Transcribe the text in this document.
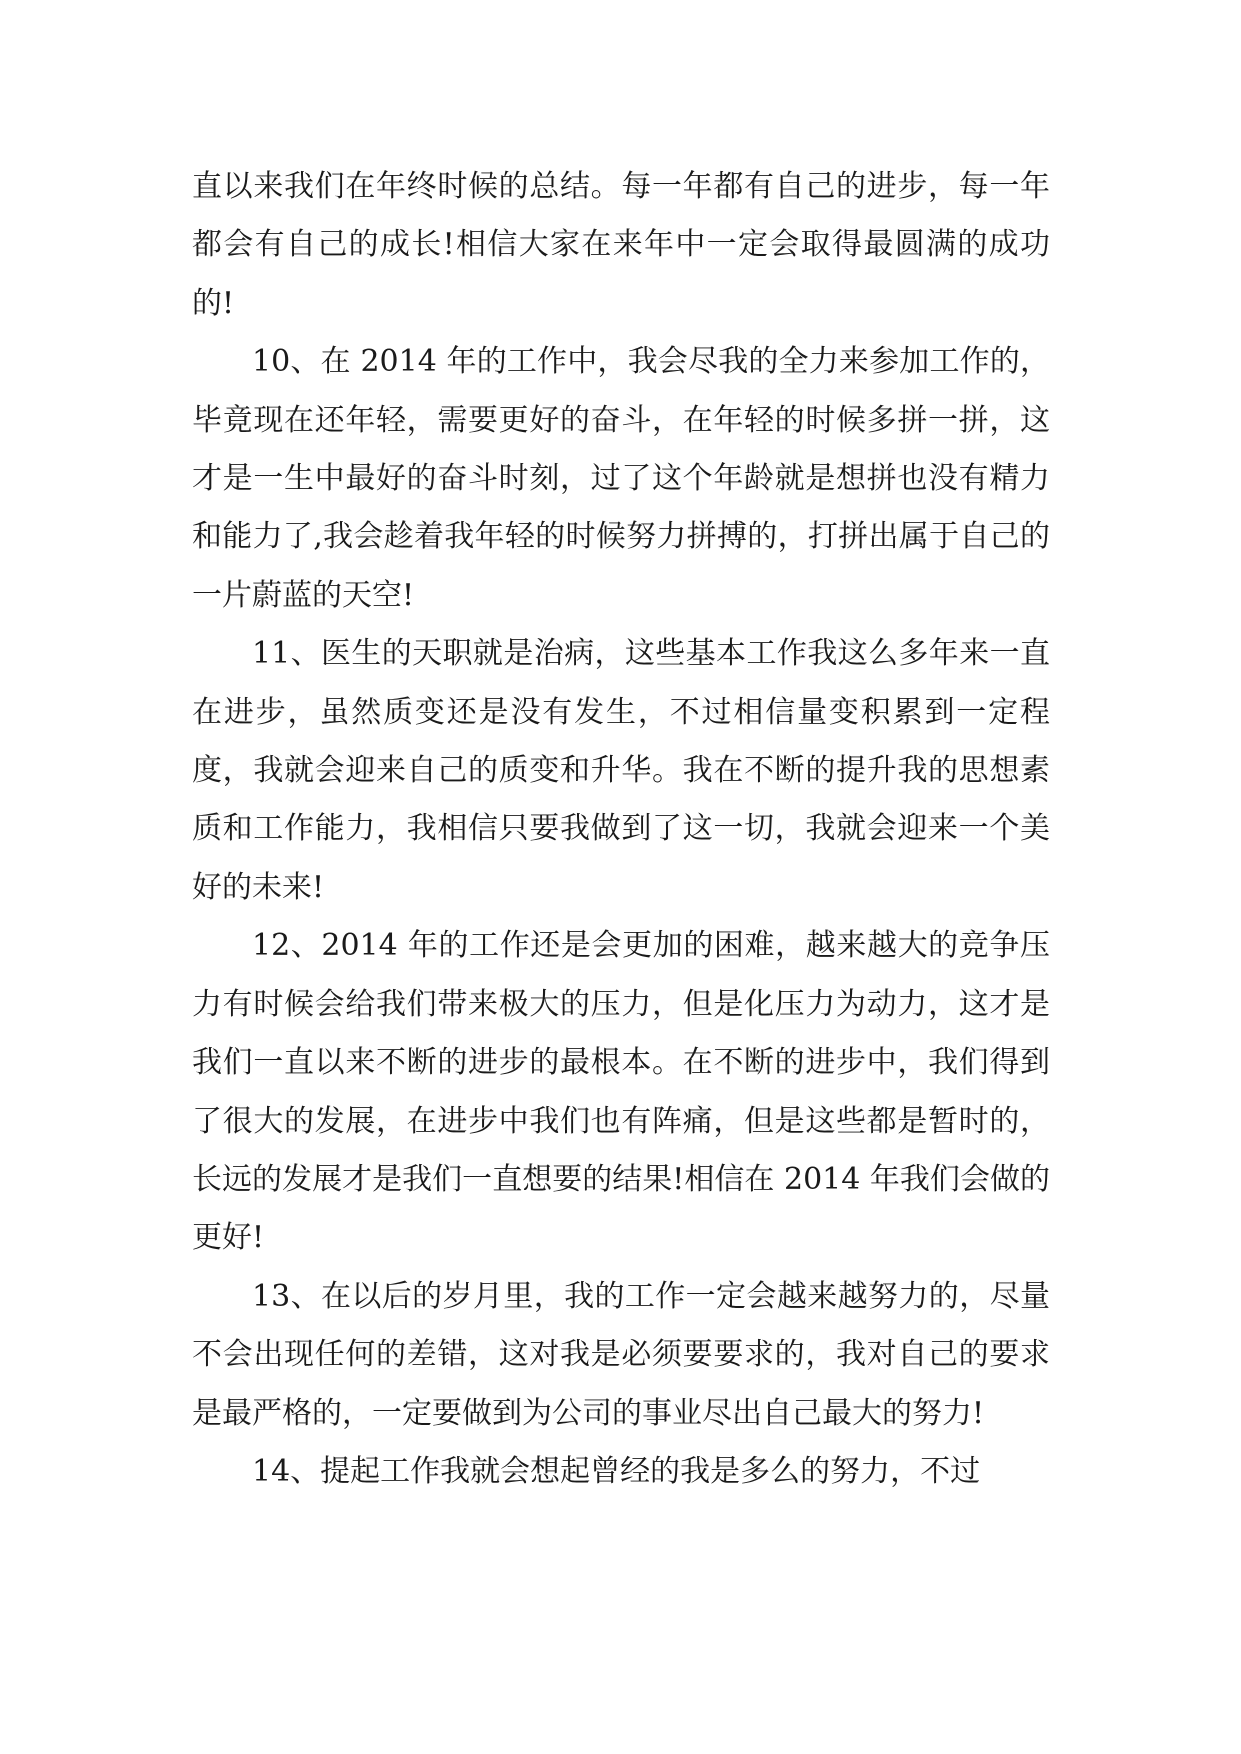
直以来我们在年终时候的总结。每一年都有自己的进步，每一年都会有自己的成长!相信大家在来年中一定会取得最圆满的成功的!

10、在 2014 年的工作中，我会尽我的全力来参加工作的，毕竟现在还年轻，需要更好的奋斗，在年轻的时候多拼一拼，这才是一生中最好的奋斗时刻，过了这个年龄就是想拼也没有精力和能力了,我会趁着我年轻的时候努力拼搏的，打拼出属于自己的一片蔚蓝的天空!

11、医生的天职就是治病，这些基本工作我这么多年来一直在进步，虽然质变还是没有发生，不过相信量变积累到一定程度，我就会迎来自己的质变和升华。我在不断的提升我的思想素质和工作能力，我相信只要我做到了这一切，我就会迎来一个美好的未来!

12、2014 年的工作还是会更加的困难，越来越大的竞争压力有时候会给我们带来极大的压力，但是化压力为动力，这才是我们一直以来不断的进步的最根本。在不断的进步中，我们得到了很大的发展，在进步中我们也有阵痛，但是这些都是暂时的，长远的发展才是我们一直想要的结果!相信在 2014 年我们会做的更好!

13、在以后的岁月里，我的工作一定会越来越努力的，尽量不会出现任何的差错，这对我是必须要要求的，我对自己的要求是最严格的，一定要做到为公司的事业尽出自己最大的努力!

14、提起工作我就会想起曾经的我是多么的努力，不过
